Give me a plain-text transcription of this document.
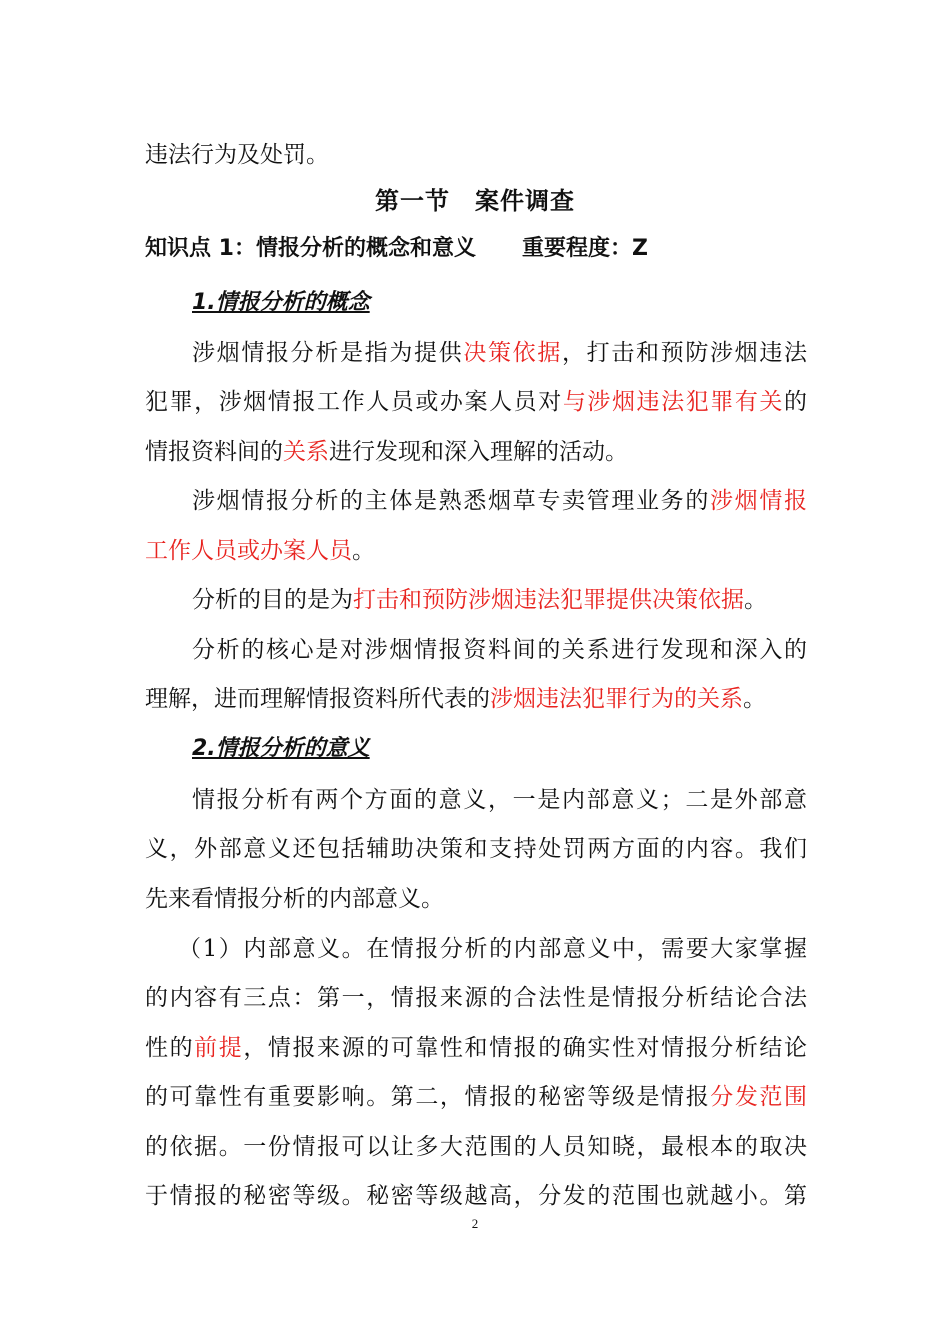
违法行为及处罚。
第一节　案件调查
知识点 1：情报分析的概念和意义 重要程度：Z
1.情报分析的概念
涉烟情报分析是指为提供决策依据，打击和预防涉烟违法
犯罪，涉烟情报工作人员或办案人员对与涉烟违法犯罪有关的
情报资料间的关系进行发现和深入理解的活动。
涉烟情报分析的主体是熟悉烟草专卖管理业务的涉烟情报
工作人员或办案人员。
分析的目的是为打击和预防涉烟违法犯罪提供决策依据。
分析的核心是对涉烟情报资料间的关系进行发现和深入的
理解，进而理解情报资料所代表的涉烟违法犯罪行为的关系。
2.情报分析的意义
情报分析有两个方面的意义，一是内部意义；二是外部意
义，外部意义还包括辅助决策和支持处罚两方面的内容。我们
先来看情报分析的内部意义。
（1）内部意义。在情报分析的内部意义中，需要大家掌握
的内容有三点：第一，情报来源的合法性是情报分析结论合法
性的前提，情报来源的可靠性和情报的确实性对情报分析结论
的可靠性有重要影响。第二，情报的秘密等级是情报分发范围
的依据。一份情报可以让多大范围的人员知晓，最根本的取决
于情报的秘密等级。秘密等级越高，分发的范围也就越小。第
2
